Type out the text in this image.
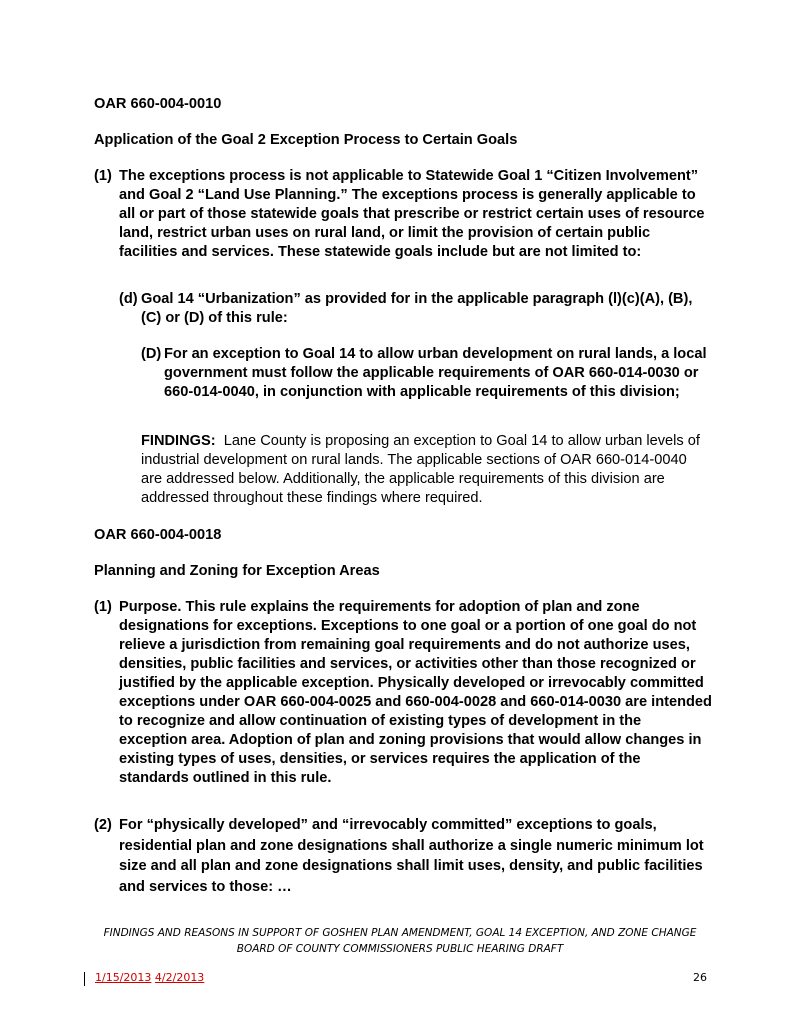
OAR 660-004-0010

Application of the Goal 2 Exception Process to Certain Goals

(1) The exceptions process is not applicable to Statewide Goal 1 “Citizen Involvement” and Goal 2 “Land Use Planning.” The exceptions process is generally applicable to all or part of those statewide goals that prescribe or restrict certain uses of resource land, restrict urban uses on rural land, or limit the provision of certain public facilities and services. These statewide goals include but are not limited to:
(d) Goal 14 “Urbanization” as provided for in the applicable paragraph (l)(c)(A), (B), (C) or (D) of this rule:
(D) For an exception to Goal 14 to allow urban development on rural lands, a local government must follow the applicable requirements of OAR 660-014-0030 or 660-014-0040, in conjunction with applicable requirements of this division;

FINDINGS: Lane County is proposing an exception to Goal 14 to allow urban levels of industrial development on rural lands. The applicable sections of OAR 660-014-0040 are addressed below. Additionally, the applicable requirements of this division are addressed throughout these findings where required.

OAR 660-004-0018

Planning and Zoning for Exception Areas

(1) Purpose. This rule explains the requirements for adoption of plan and zone designations for exceptions. Exceptions to one goal or a portion of one goal do not relieve a jurisdiction from remaining goal requirements and do not authorize uses, densities, public facilities and services, or activities other than those recognized or justified by the applicable exception. Physically developed or irrevocably committed exceptions under OAR 660-004-0025 and 660-004-0028 and 660-014-0030 are intended to recognize and allow continuation of existing types of development in the exception area. Adoption of plan and zoning provisions that would allow changes in existing types of uses, densities, or services requires the application of the standards outlined in this rule.
(2) For “physically developed” and “irrevocably committed” exceptions to goals, residential plan and zone designations shall authorize a single numeric minimum lot size and all plan and zone designations shall limit uses, density, and public facilities and services to those: …

FINDINGS AND REASONS IN SUPPORT OF GOSHEN PLAN AMENDMENT, GOAL 14 EXCEPTION, AND ZONE CHANGE

BOARD OF COUNTY COMMISSIONERS PUBLIC HEARING DRAFT

1/15/2013 4/2/2013	26
